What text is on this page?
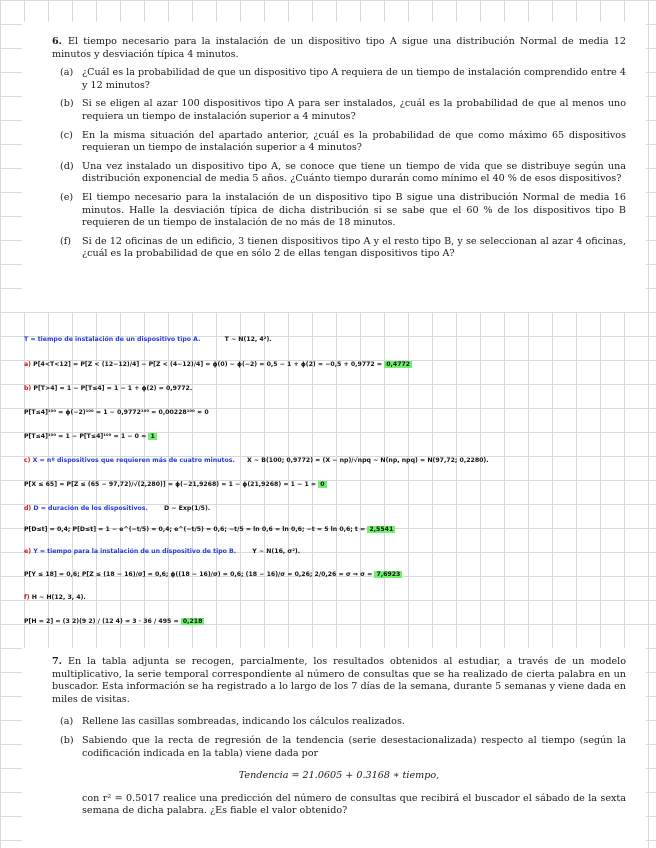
6. El tiempo necesario para la instalación de un dispositivo tipo A sigue una distribución Normal de media 12 minutos y desviación típica 4 minutos.
(a) ¿Cuál es la probabilidad de que un dispositivo tipo A requiera de un tiempo de instalación comprendido entre 4 y 12 minutos?
(b) Si se eligen al azar 100 dispositivos tipo A para ser instalados, ¿cuál es la probabilidad de que al menos uno requiera un tiempo de instalación superior a 4 minutos?
(c) En la misma situación del apartado anterior, ¿cuál es la probabilidad de que como máximo 65 dispositivos requieran un tiempo de instalación superior a 4 minutos?
(d) Una vez instalado un dispositivo tipo A, se conoce que tiene un tiempo de vida que se distribuye según una distribución exponencial de media 5 años. ¿Cuánto tiempo durarán como mínimo el 40 % de esos dispositivos?
(e) El tiempo necesario para la instalación de un dispositivo tipo B sigue una distribución Normal de media 16 minutos. Halle la desviación típica de dicha distribución si se sabe que el 60 % de los dispositivos tipo B requieren de un tiempo de instalación de no más de 18 minutos.
(f)	Si de 12 oficinas de un edificio, 3 tienen dispositivos tipo A y el resto tipo B, y se seleccionan al azar 4 oficinas, ¿cuál es la probabilidad de que en sólo 2 de ellas tengan dispositivos tipo A?
T = tiempo de instalación de un dispositivo tipo A.	T ~ N(12, 4²).
a) P[4<T<12] = P[Z < (12−12)/4] − P[Z < (4−12)/4] = ϕ(0) − ϕ(−2) = 0,5 − 1 + ϕ(2) = −0,5 + 0,9772 = 0,4772
b) P[T>4] = 1 − P[T≤4] = 1 − 1 + ϕ(2) = 0,9772.
P[T≤4]¹⁰⁰ = ϕ(−2)¹⁰⁰ = 1 − 0,9772¹⁰⁰ = 0,00228¹⁰⁰ ≈ 0
P[T≤4]¹⁰⁰ = 1 − P[T≤4]¹⁰⁰ = 1 − 0 = 1
c) X = nº dispositivos que requieren más de cuatro minutos. X ~ B(100; 0,9772) ≈ (X − np)/√npq ~ N(np, npq) = N(97,72; 0,2280).
P[X ≤ 65] = P[Z ≤ (65 − 97,72)/√(2,280)] = ϕ(−21,9268) = 1 − ϕ(21,9268) = 1 − 1 = 0
d) D = duración de los dispositivos.	D ~ Exp(1/5).
P[D≤t] = 0,4; P[D≤t] = 1 − e^(−t/5) = 0,4; e^(−t/5) = 0,6; −t/5 = ln 0,6 = ln 0,6; −t = 5 ln 0,6; t = 2,5541
e) Y = tiempo para la instalación de un dispositivo de tipo B.	Y ~ N(16, σ²).
P[Y ≤ 18] = 0,6; P[Z ≤ (18 − 16)/σ] = 0,6; ϕ((18 − 16)/σ) = 0,6; (18 − 16)/σ = 0,26; 2/0,26 = σ ⇒ σ = 7,6923
f) H ~ H(12, 3, 4).
P[H = 2] = (3 2)(9 2) / (12 4) = 3 · 36 / 495 = 0,218
7. En la tabla adjunta se recogen, parcialmente, los resultados obtenidos al estudiar, a través de un modelo multiplicativo, la serie temporal correspondiente al número de consultas que se ha realizado de cierta palabra en un buscador. Esta información se ha registrado a lo largo de los 7 días de la semana, durante 5 semanas y viene dada en miles de visitas.
(a) Rellene las casillas sombreadas, indicando los cálculos realizados.
(b) Sabiendo que la recta de regresión de la tendencia (serie desestacionalizada) respecto al tiempo (según la codificación indicada en la tabla) viene dada por
Tendencia = 21.0605 + 0.3168 ∗ tiempo,
con r² = 0.5017 realice una predicción del número de consultas que recibirá el buscador el sábado de la sexta semana de dicha palabra. ¿Es fiable el valor obtenido?
